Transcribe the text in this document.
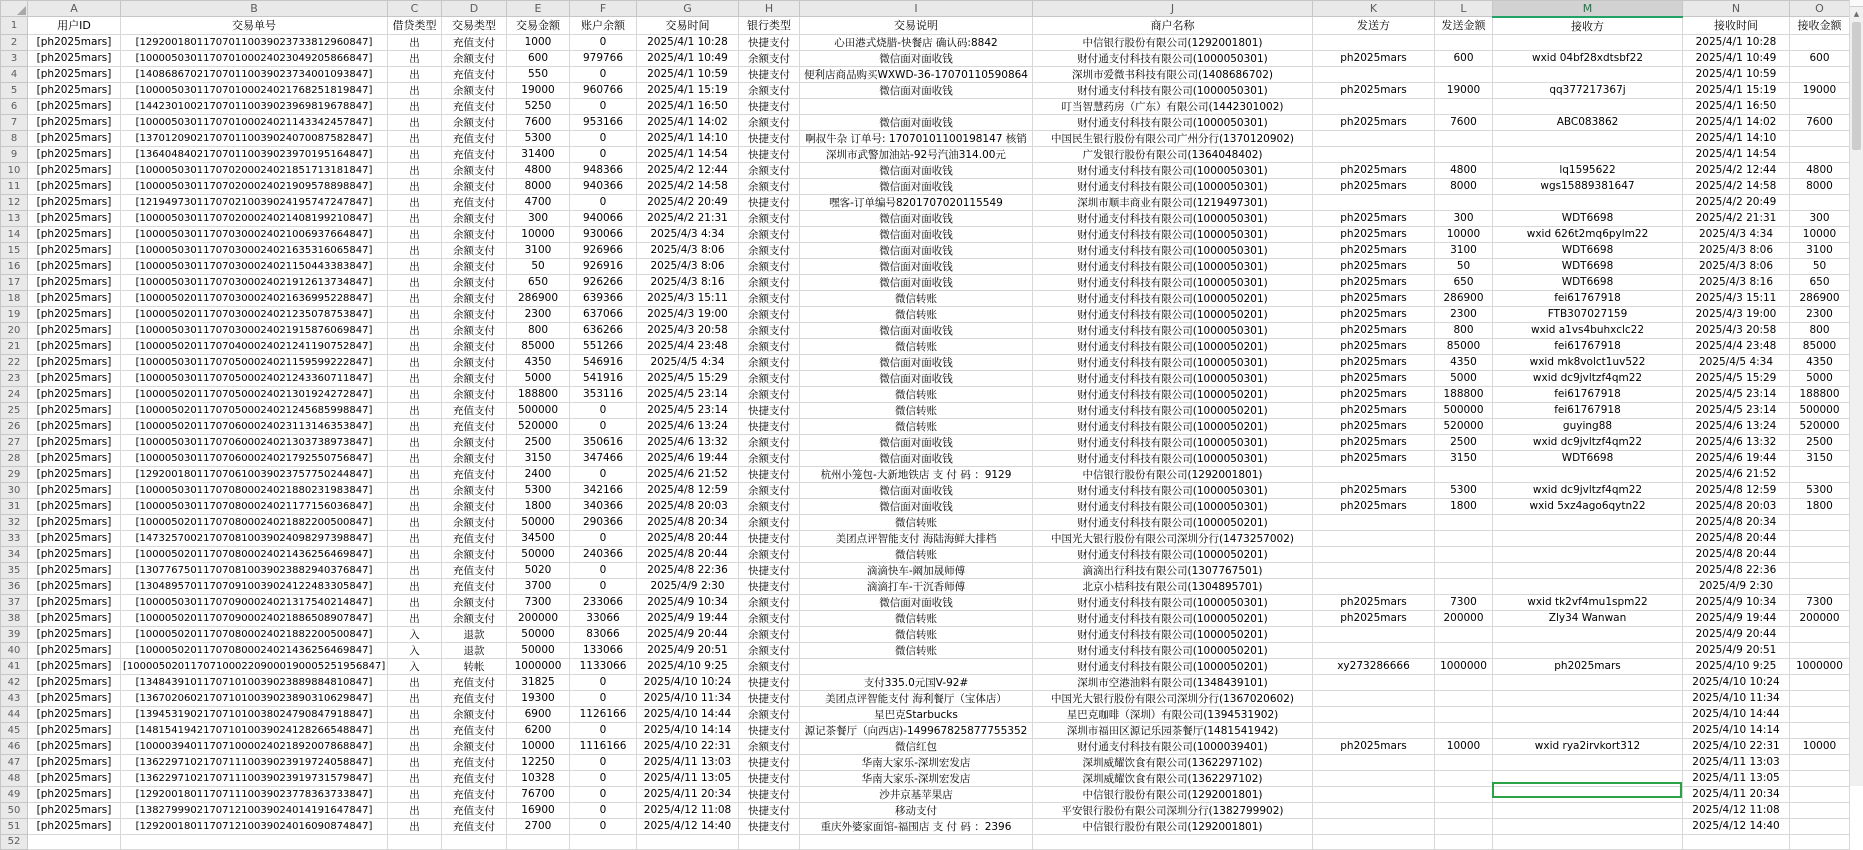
	A	B	C	D	E	F	G	H	I	J	K	L	M	N	O
1	用户ID	交易单号	借贷类型	交易类型	交易金额	账户余额	交易时间	银行类型	交易说明	商户名称	发送方	发送金额	接收方	接收时间	接收金额
2	[ph2025mars]	[129200180117070110039023733812960847]	出	充值支付	1000	0	2025/4/1 10:28	快捷支付	心田港式烧腊-快餐店 确认码:8842	中信银行股份有限公司(1292001801)				2025/4/1 10:28	
3	[ph2025mars]	[100005030117070100024023049205866847]	出	余额支付	600	979766	2025/4/1 10:49	余额支付	微信面对面收钱	财付通支付科技有限公司(1000050301)	ph2025mars	600	wxid 04bf28xdtsbf22	2025/4/1 10:49	600
4	[ph2025mars]	[140868670217070110039023734001093847]	出	充值支付	550	0	2025/4/1 10:59	快捷支付	便利店商品购买WXWD-36-17070110590864	深圳市爱微书科技有限公司(1408686702)				2025/4/1 10:59	
5	[ph2025mars]	[100005030117070100024021768251819847]	出	余额支付	19000	960766	2025/4/1 15:19	余额支付	微信面对面收钱	财付通支付科技有限公司(1000050301)	ph2025mars	19000	qq377217367j	2025/4/1 15:19	19000
6	[ph2025mars]	[144230100217070110039023969819678847]	出	充值支付	5250	0	2025/4/1 16:50	快捷支付		叮当智慧药房（广东）有限公司(1442301002)				2025/4/1 16:50	
7	[ph2025mars]	[100005030117070100024021143342457847]	出	余额支付	7600	953166	2025/4/1 14:02	余额支付	微信面对面收钱	财付通支付科技有限公司(1000050301)	ph2025mars	7600	ABC083862	2025/4/1 14:02	7600
8	[ph2025mars]	[137012090217070110039024070087582847]	出	充值支付	5300	0	2025/4/1 14:10	快捷支付	啊叔牛杂 订单号: 17070101100198147 核销	中国民生银行股份有限公司广州分行(1370120902)				2025/4/1 14:10	
9	[ph2025mars]	[136404840217070110039023970195164847]	出	充值支付	31400	0	2025/4/1 14:54	快捷支付	深圳市武警加油站-92号汽油314.00元	广发银行股份有限公司(1364048402)				2025/4/1 14:54	
10	[ph2025mars]	[100005030117070200024021851713181847]	出	余额支付	4800	948366	2025/4/2 12:44	余额支付	微信面对面收钱	财付通支付科技有限公司(1000050301)	ph2025mars	4800	lq1595622	2025/4/2 12:44	4800
11	[ph2025mars]	[100005030117070200024021909578898847]	出	余额支付	8000	940366	2025/4/2 14:58	余额支付	微信面对面收钱	财付通支付科技有限公司(1000050301)	ph2025mars	8000	wgs15889381647	2025/4/2 14:58	8000
12	[ph2025mars]	[121949730117070210039024195747247847]	出	充值支付	4700	0	2025/4/2 20:49	快捷支付	嘿客-订单编号8201707020115549	深圳市顺丰商业有限公司(1219497301)				2025/4/2 20:49	
13	[ph2025mars]	[100005030117070200024021408199210847]	出	余额支付	300	940066	2025/4/2 21:31	余额支付	微信面对面收钱	财付通支付科技有限公司(1000050301)	ph2025mars	300	WDT6698	2025/4/2 21:31	300
14	[ph2025mars]	[100005030117070300024021006937664847]	出	余额支付	10000	930066	2025/4/3 4:34	余额支付	微信面对面收钱	财付通支付科技有限公司(1000050301)	ph2025mars	10000	wxid 626t2mq6pylm22	2025/4/3 4:34	10000
15	[ph2025mars]	[100005030117070300024021635316065847]	出	余额支付	3100	926966	2025/4/3 8:06	余额支付	微信面对面收钱	财付通支付科技有限公司(1000050301)	ph2025mars	3100	WDT6698	2025/4/3 8:06	3100
16	[ph2025mars]	[100005030117070300024021150443383847]	出	余额支付	50	926916	2025/4/3 8:06	余额支付	微信面对面收钱	财付通支付科技有限公司(1000050301)	ph2025mars	50	WDT6698	2025/4/3 8:06	50
17	[ph2025mars]	[100005030117070300024021912613734847]	出	余额支付	650	926266	2025/4/3 8:16	余额支付	微信面对面收钱	财付通支付科技有限公司(1000050301)	ph2025mars	650	WDT6698	2025/4/3 8:16	650
18	[ph2025mars]	[100005020117070300024021636995228847]	出	余额支付	286900	639366	2025/4/3 15:11	余额支付	微信转账	财付通支付科技有限公司(1000050201)	ph2025mars	286900	fei61767918	2025/4/3 15:11	286900
19	[ph2025mars]	[100005020117070300024021235078753847]	出	余额支付	2300	637066	2025/4/3 19:00	余额支付	微信转账	财付通支付科技有限公司(1000050201)	ph2025mars	2300	FTB307027159	2025/4/3 19:00	2300
20	[ph2025mars]	[100005030117070300024021915876069847]	出	余额支付	800	636266	2025/4/3 20:58	余额支付	微信面对面收钱	财付通支付科技有限公司(1000050301)	ph2025mars	800	wxid a1vs4buhxclc22	2025/4/3 20:58	800
21	[ph2025mars]	[100005020117070400024021241190752847]	出	余额支付	85000	551266	2025/4/4 23:48	余额支付	微信转账	财付通支付科技有限公司(1000050201)	ph2025mars	85000	fei61767918	2025/4/4 23:48	85000
22	[ph2025mars]	[100005030117070500024021159599222847]	出	余额支付	4350	546916	2025/4/5 4:34	余额支付	微信面对面收钱	财付通支付科技有限公司(1000050301)	ph2025mars	4350	wxid mk8volct1uv522	2025/4/5 4:34	4350
23	[ph2025mars]	[100005030117070500024021243360711847]	出	余额支付	5000	541916	2025/4/5 15:29	余额支付	微信面对面收钱	财付通支付科技有限公司(1000050301)	ph2025mars	5000	wxid dc9jvltzf4qm22	2025/4/5 15:29	5000
24	[ph2025mars]	[100005020117070500024021301924272847]	出	余额支付	188800	353116	2025/4/5 23:14	余额支付	微信转账	财付通支付科技有限公司(1000050201)	ph2025mars	188800	fei61767918	2025/4/5 23:14	188800
25	[ph2025mars]	[100005020117070500024021245685998847]	出	充值支付	500000	0	2025/4/5 23:14	快捷支付	微信转账	财付通支付科技有限公司(1000050201)	ph2025mars	500000	fei61767918	2025/4/5 23:14	500000
26	[ph2025mars]	[100005020117070600024023113146353847]	出	充值支付	520000	0	2025/4/6 13:24	快捷支付	微信转账	财付通支付科技有限公司(1000050201)	ph2025mars	520000	guying88	2025/4/6 13:24	520000
27	[ph2025mars]	[100005030117070600024021303738973847]	出	余额支付	2500	350616	2025/4/6 13:32	余额支付	微信面对面收钱	财付通支付科技有限公司(1000050301)	ph2025mars	2500	wxid dc9jvltzf4qm22	2025/4/6 13:32	2500
28	[ph2025mars]	[100005030117070600024021792550756847]	出	余额支付	3150	347466	2025/4/6 19:44	余额支付	微信面对面收钱	财付通支付科技有限公司(1000050301)	ph2025mars	3150	WDT6698	2025/4/6 19:44	3150
29	[ph2025mars]	[129200180117070610039023757750244847]	出	充值支付	2400	0	2025/4/6 21:52	快捷支付	杭州小笼包-大新地铁店 支 付 码 ：9129	中信银行股份有限公司(1292001801)				2025/4/6 21:52	
30	[ph2025mars]	[100005030117070800024021880231983847]	出	余额支付	5300	342166	2025/4/8 12:59	余额支付	微信面对面收钱	财付通支付科技有限公司(1000050301)	ph2025mars	5300	wxid dc9jvltzf4qm22	2025/4/8 12:59	5300
31	[ph2025mars]	[100005030117070800024021177156036847]	出	余额支付	1800	340366	2025/4/8 20:03	余额支付	微信面对面收钱	财付通支付科技有限公司(1000050301)	ph2025mars	1800	wxid 5xz4ago6qytn22	2025/4/8 20:03	1800
32	[ph2025mars]	[100005020117070800024021882200500847]	出	余额支付	50000	290366	2025/4/8 20:34	余额支付	微信转账	财付通支付科技有限公司(1000050201)				2025/4/8 20:34	
33	[ph2025mars]	[147325700217070810039024098297398847]	出	充值支付	34500	0	2025/4/8 20:44	快捷支付	美团点评智能支付 海陆海鲜大排档	中国光大银行股份有限公司深圳分行(1473257002)				2025/4/8 20:44	
34	[ph2025mars]	[100005020117070800024021436256469847]	出	余额支付	50000	240366	2025/4/8 20:44	余额支付	微信转账	财付通支付科技有限公司(1000050201)				2025/4/8 20:44	
35	[ph2025mars]	[130776750117070810039023882940376847]	出	充值支付	5020	0	2025/4/8 22:36	快捷支付	滴滴快车-阚加晟师傅	滴滴出行科技有限公司(1307767501)				2025/4/8 22:36	
36	[ph2025mars]	[130489570117070910039024122483305847]	出	充值支付	3700	0	2025/4/9 2:30	快捷支付	滴滴打车-干沉香师傅	北京小桔科技有限公司(1304895701)				2025/4/9 2:30	
37	[ph2025mars]	[100005030117070900024021317540214847]	出	余额支付	7300	233066	2025/4/9 10:34	余额支付	微信面对面收钱	财付通支付科技有限公司(1000050301)	ph2025mars	7300	wxid tk2vf4mu1spm22	2025/4/9 10:34	7300
38	[ph2025mars]	[100005020117070900024021886508907847]	出	余额支付	200000	33066	2025/4/9 19:44	余额支付	微信转账	财付通支付科技有限公司(1000050201)	ph2025mars	200000	Zly34 Wanwan	2025/4/9 19:44	200000
39	[ph2025mars]	[100005020117070800024021882200500847]	入	退款	50000	83066	2025/4/9 20:44	余额支付	微信转账	财付通支付科技有限公司(1000050201)				2025/4/9 20:44	
40	[ph2025mars]	[100005020117070800024021436256469847]	入	退款	50000	133066	2025/4/9 20:51	余额支付	微信转账	财付通支付科技有限公司(1000050201)				2025/4/9 20:51	
41	[ph2025mars]	[1000050201170710002209000190005251956847]	入	转帐	1000000	1133066	2025/4/10 9:25	余额支付		财付通支付科技有限公司(1000050201)	xy273286666	1000000	ph2025mars	2025/4/10 9:25	1000000
42	[ph2025mars]	[134843910117071010039023889884810847]	出	充值支付	31825	0	2025/4/10 10:24	快捷支付	支付335.0元国V-92#	深圳市空港油料有限公司(1348439101)				2025/4/10 10:24	
43	[ph2025mars]	[136702060217071010039023890310629847]	出	充值支付	19300	0	2025/4/10 11:34	快捷支付	美团点评智能支付 海利餐厅（宝体店）	中国光大银行股份有限公司深圳分行(1367020602)				2025/4/10 11:34	
44	[ph2025mars]	[139453190217071010038024790847918847]	出	余额支付	6900	1126166	2025/4/10 14:44	余额支付	星巴克Starbucks	星巴克咖啡（深圳）有限公司(1394531902)				2025/4/10 14:44	
45	[ph2025mars]	[148154194217071010039024128266548847]	出	充值支付	6200	0	2025/4/10 14:14	快捷支付	源记茶餐厅（向西店)-149967825877755352	深圳市福田区源记乐园茶餐厅(1481541942)				2025/4/10 14:14	
46	[ph2025mars]	[100003940117071000024021892007868847]	出	余额支付	10000	1116166	2025/4/10 22:31	余额支付	微信红包	财付通支付科技有限公司(1000039401)	ph2025mars	10000	wxid rya2irvkort312	2025/4/10 22:31	10000
47	[ph2025mars]	[136229710217071110039023919724058847]	出	充值支付	12250	0	2025/4/11 13:03	快捷支付	华南大家乐-深圳宏发店	深圳威耀饮食有限公司(1362297102)				2025/4/11 13:03	
48	[ph2025mars]	[136229710217071110039023919731579847]	出	充值支付	10328	0	2025/4/11 13:05	快捷支付	华南大家乐-深圳宏发店	深圳威耀饮食有限公司(1362297102)				2025/4/11 13:05	
49	[ph2025mars]	[129200180117071110039023778363733847]	出	充值支付	76700	0	2025/4/11 20:34	快捷支付	沙井京基苹果店	中信银行股份有限公司(1292001801)				2025/4/11 20:34	
50	[ph2025mars]	[138279990217071210039024014191647847]	出	充值支付	16900	0	2025/4/12 11:08	快捷支付	移动支付	平安银行股份有限公司深圳分行(1382799902)				2025/4/12 11:08	
51	[ph2025mars]	[129200180117071210039024016090874847]	出	充值支付	2700	0	2025/4/12 14:40	快捷支付	重庆外婆家面馆-福围店 支 付 码 ：2396	中信银行股份有限公司(1292001801)				2025/4/12 14:40	
52															
▲
